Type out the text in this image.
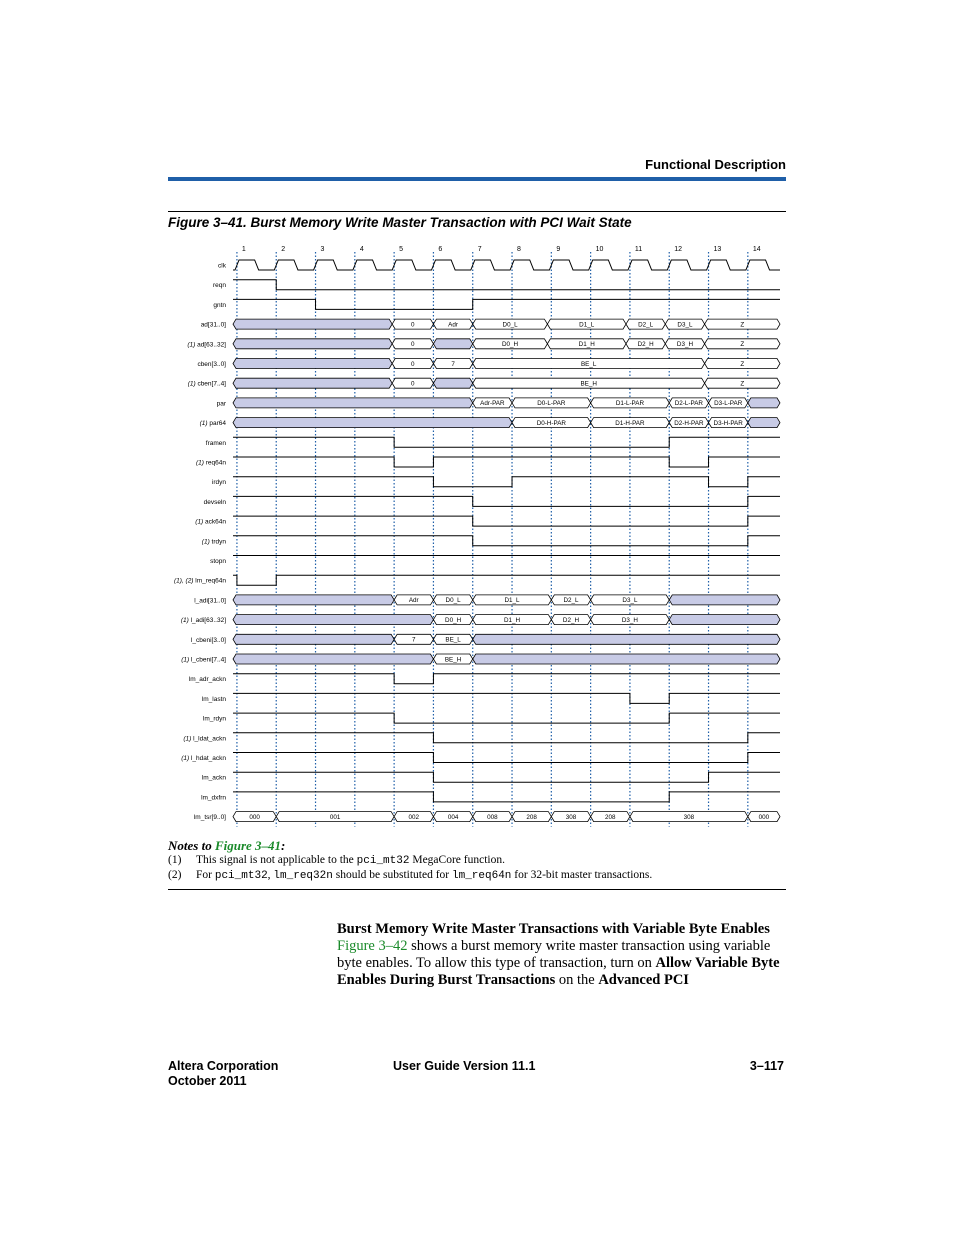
Functional Description
Figure 3–41. Burst Memory Write Master Transaction with PCI Wait State
1	2	3	4	5	6	7	8	9	10	11	12	13	14
clk
reqn
gntn
ad[31..0]	0	Adr	D0_L	D1_L	D2_L	D3_L	Z
(1) ad[63..32]	0	D0_H	D1_H	D2_H	D3_H	Z
cben[3..0]	0	7	BE_L	Z
(1) cben[7..4]	0	BE_H	Z
par	Adr-PAR	D0-L-PAR	D1-L-PAR	D2-L-PAR D3-L-PAR
(1) par64	D0-H-PAR	D1-H-PAR	D2-H-PAR D3-H-PAR
framen
(1) req64n
irdyn
devseln
(1) ack64n
(1) trdyn
stopn
(1), (2) lm_req64n
l_adi[31..0]	Adr	D0_L	D1_L	D2_L	D3_L
(1) l_adi[63..32]	D0_H	D1_H	D2_H	D3_H
l_cbeni[3..0]	7	BE_L
(1) l_cbeni[7..4]	BE_H
lm_adr_ackn
lm_lastn
lm_rdyn
(1) l_ldat_ackn
(1) l_hdat_ackn
lm_ackn
lm_dxfrn
lm_tsr[9..0]	000	001	002	004	008	208	308	208	308	000
Notes to Figure 3–41:
(1) This signal is not applicable to the pci_mt32 MegaCore function.
(2) For pci_mt32, lm_req32n should be substituted for lm_req64n for 32-bit master transactions.
Burst Memory Write Master Transactions with Variable Byte Enables
Figure 3–42 shows a burst memory write master transaction using variable byte enables. To allow this type of transaction, turn on Allow Variable Byte Enables During Burst Transactions on the Advanced PCI
Altera Corporation
October 2011
User Guide Version 11.1	3–117
